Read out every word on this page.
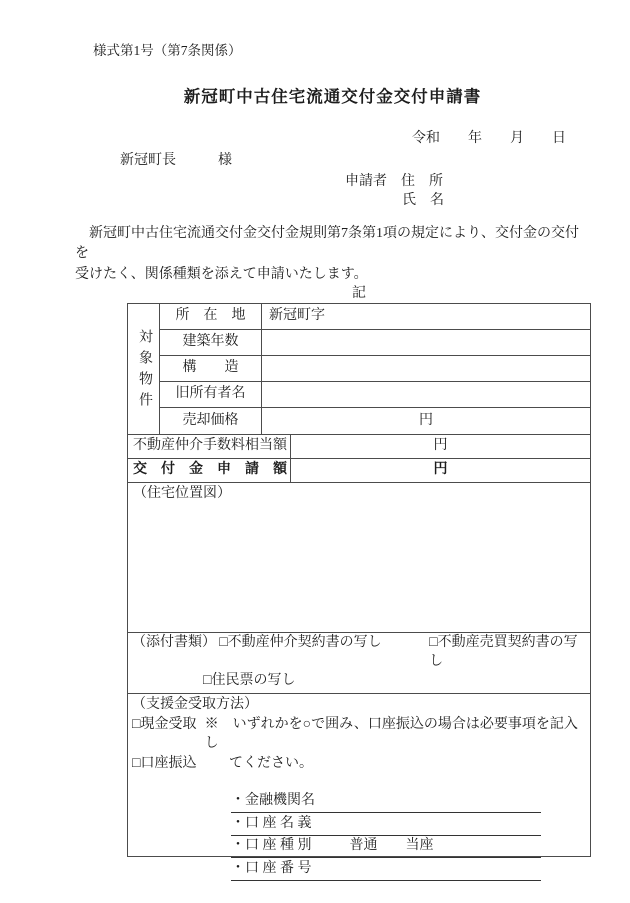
様式第1号（第7条関係）
新冠町中古住宅流通交付金交付申請書
令和　　年　　月　　日
新冠町長　　　様
申請者　 住　所
氏　名
　新冠町中古住宅流通交付金交付金規則第7条第1項の規定により、交付金の交付を
受けたく、関係種類を添えて申請いたします。
記
対象物件
所　在　地	新冠町字
建築年数
構　　造
旧所有者名
売却価格	円
不動産仲介手数料相当額	円
交　付　金　申　請　額	円
（住宅位置図）
（添付書類） □不動産仲介契約書の写し	□不動産売買契約書の写し
□住民票の写し
（支援金受取方法）
□現金受取 ※　いずれかを○で囲み、口座振込の場合は必要事項を記入し
□口座振込	てください。
・金融機関名
・口 座 名 義
・口 座 種 別	普通　　当座
・口 座 番 号
